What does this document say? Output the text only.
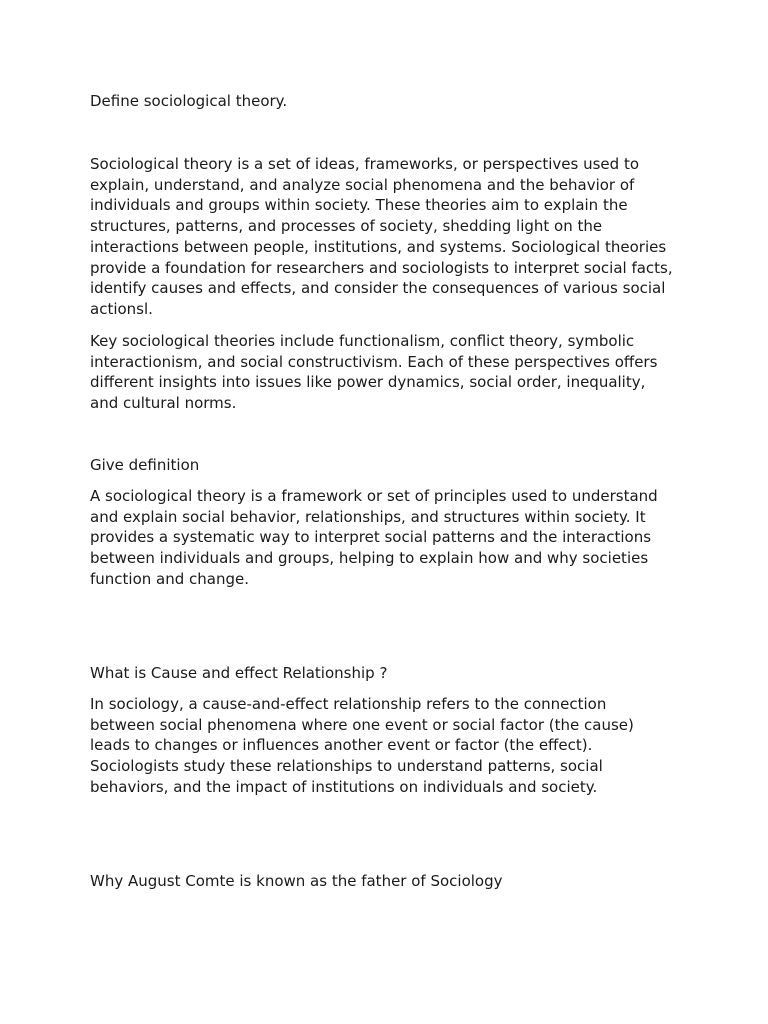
Define sociological theory.

Sociological theory is a set of ideas, frameworks, or perspectives used to

explain, understand, and analyze social phenomena and the behavior of

individuals and groups within society. These theories aim to explain the

structures, patterns, and processes of society, shedding light on the

interactions between people, institutions, and systems. Sociological theories

provide a foundation for researchers and sociologists to interpret social facts,

identify causes and effects, and consider the consequences of various social

actionsl.

Key sociological theories include functionalism, conflict theory, symbolic

interactionism, and social constructivism. Each of these perspectives offers

different insights into issues like power dynamics, social order, inequality,

and cultural norms.

Give definition

A sociological theory is a framework or set of principles used to understand

and explain social behavior, relationships, and structures within society. It

provides a systematic way to interpret social patterns and the interactions

between individuals and groups, helping to explain how and why societies

function and change.

What is Cause and effect Relationship ?

In sociology, a cause-and-effect relationship refers to the connection

between social phenomena where one event or social factor (the cause)

leads to changes or influences another event or factor (the effect).

Sociologists study these relationships to understand patterns, social

behaviors, and the impact of institutions on individuals and society.

Why August Comte is known as the father of Sociology
